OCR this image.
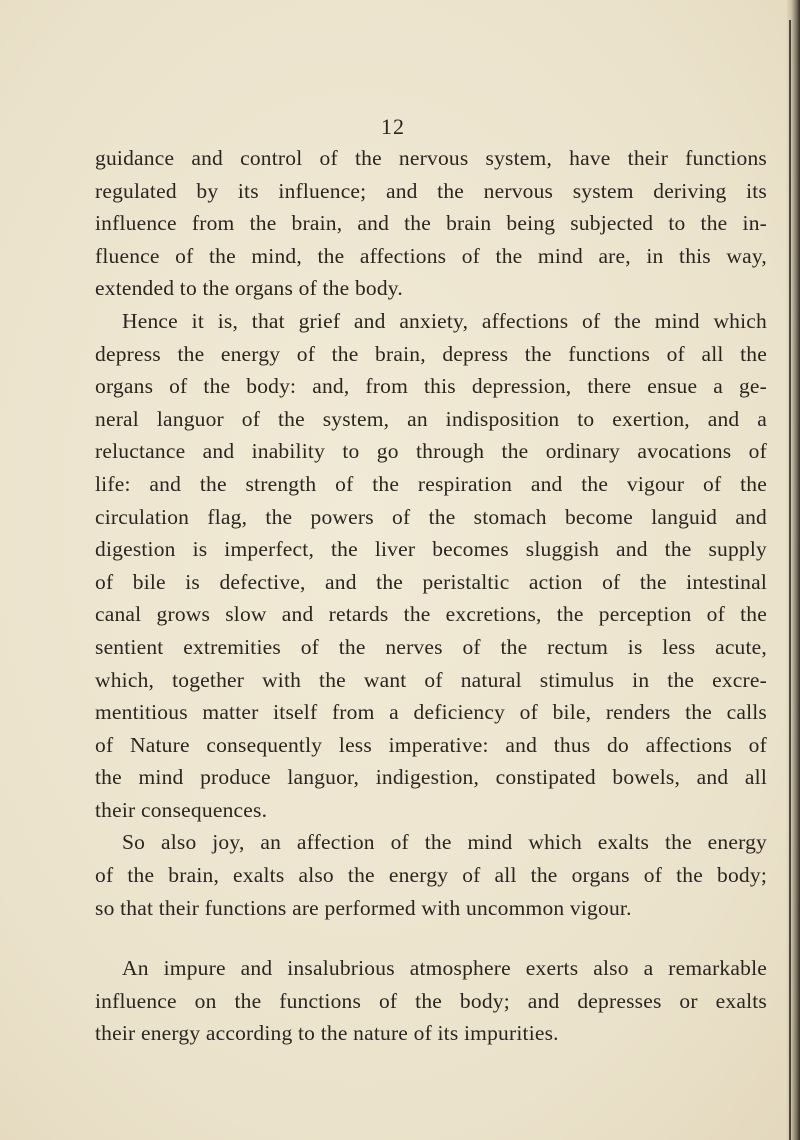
12
guidance and control of the nervous system, have their functions
regulated by its influence; and the nervous system deriving its
influence from the brain, and the brain being subjected to the in-
fluence of the mind, the affections of the mind are, in this way,
extended to the organs of the body.
Hence it is, that grief and anxiety, affections of the mind which
depress the energy of the brain, depress the functions of all the
organs of the body: and, from this depression, there ensue a ge-
neral languor of the system, an indisposition to exertion, and a
reluctance and inability to go through the ordinary avocations of
life: and the strength of the respiration and the vigour of the
circulation flag, the powers of the stomach become languid and
digestion is imperfect, the liver becomes sluggish and the supply
of bile is defective, and the peristaltic action of the intestinal
canal grows slow and retards the excretions, the perception of the
sentient extremities of the nerves of the rectum is less acute,
which, together with the want of natural stimulus in the excre-
mentitious matter itself from a deficiency of bile, renders the calls
of Nature consequently less imperative: and thus do affections of
the mind produce languor, indigestion, constipated bowels, and all
their consequences.
So also joy, an affection of the mind which exalts the energy
of the brain, exalts also the energy of all the organs of the body;
so that their functions are performed with uncommon vigour.
An impure and insalubrious atmosphere exerts also a remarkable
influence on the functions of the body; and depresses or exalts
their energy according to the nature of its impurities.
